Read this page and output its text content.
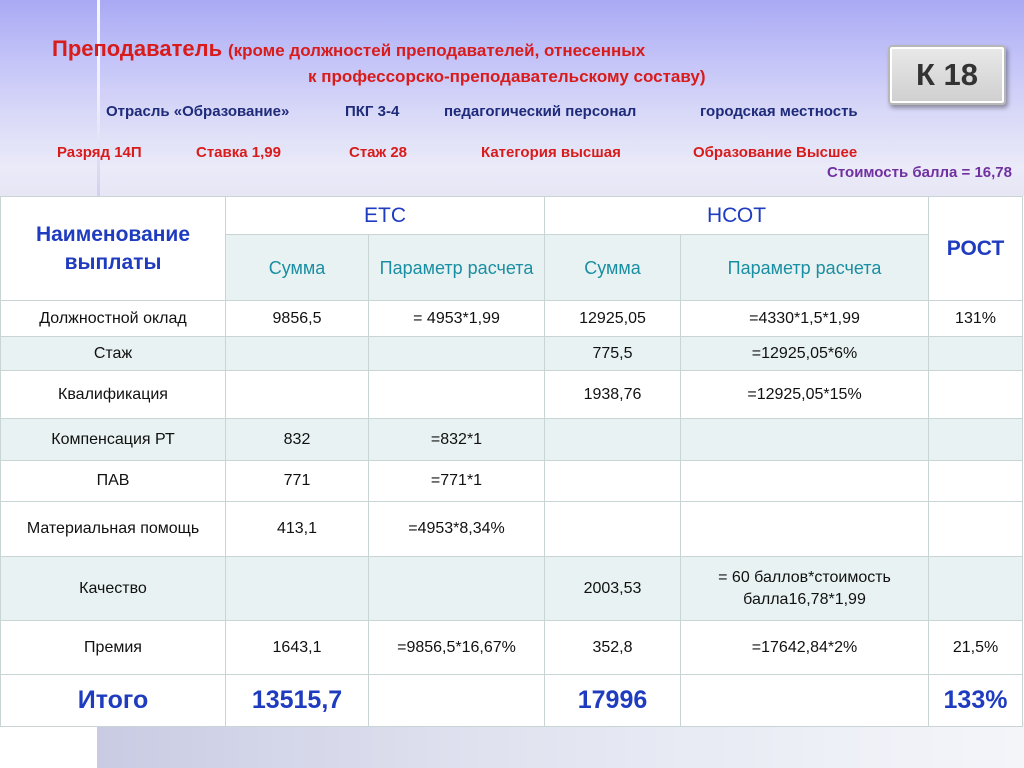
Преподаватель (кроме должностей преподавателей, отнесенных
к профессорско-преподавательскому составу)	К 18
Отрасль «Образование»	ПКГ 3-4	педагогический персонал	городская местность
Разряд 14П	Ставка 1,99	Стаж 28	Категория высшая	Образование Высшее
Стоимость балла = 16,78
Наименование выплаты	ЕТС		НСОТ		РОСТ
	Сумма	Параметр расчета	Сумма	Параметр расчета	
Должностной оклад	9856,5	= 4953*1,99	12925,05	=4330*1,5*1,99	131%
Стаж			775,5	=12925,05*6%	
Квалификация			1938,76	=12925,05*15%	
Компенсация РТ	832	=832*1			
ПАВ	771	=771*1			
Материальная помощь	413,1	=4953*8,34%			
Качество			2003,53	= 60 баллов*стоимость
балла16,78*1,99	

Премия	1643,1	=9856,5*16,67%	352,8	=17642,84*2%	21,5%
Итого	13515,7		17996		133%
